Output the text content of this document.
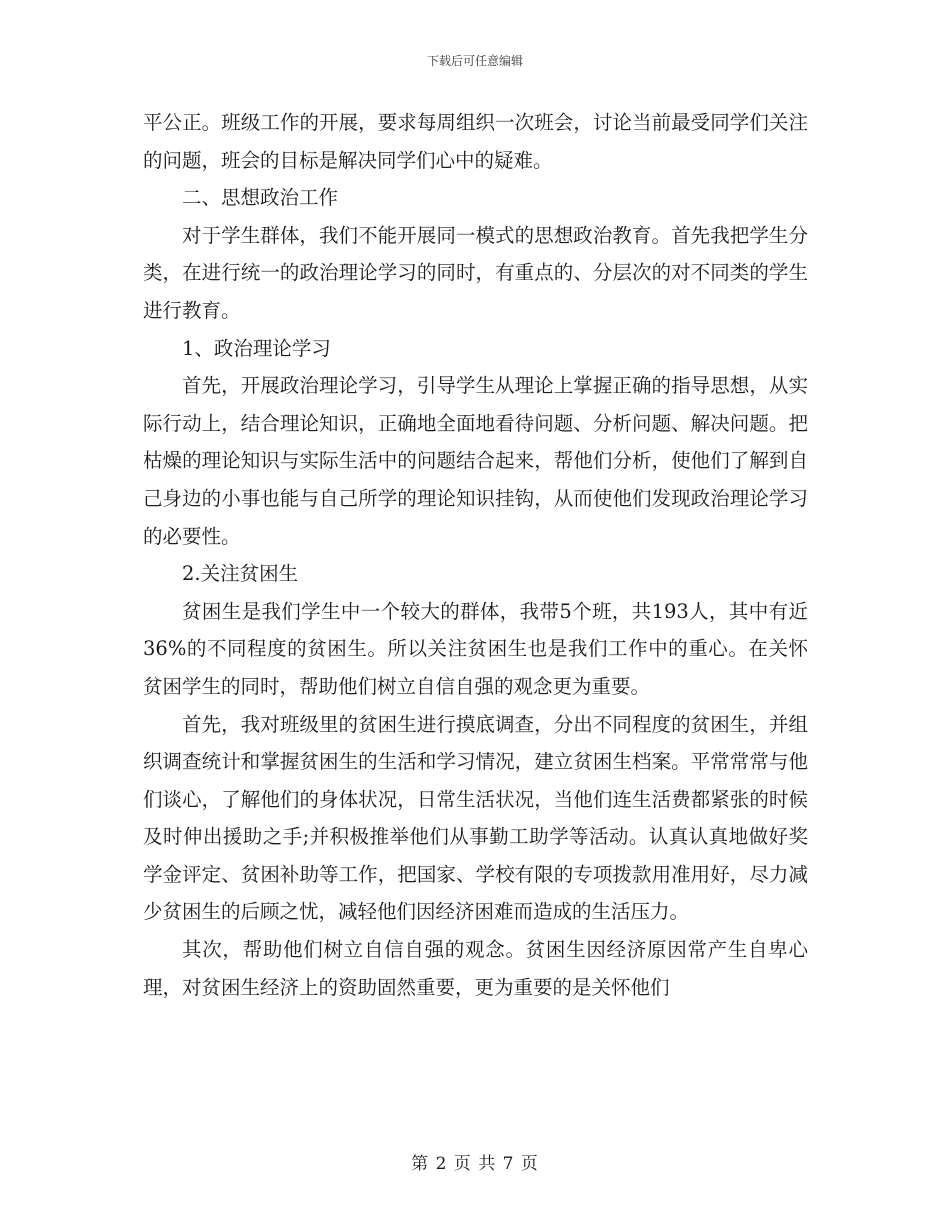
下载后可任意编辑

平公正。班级工作的开展，要求每周组织一次班会，讨论当前最受同学们关注的问题，班会的目标是解决同学们心中的疑难。

二、思想政治工作

对于学生群体，我们不能开展同一模式的思想政治教育。首先我把学生分类，在进行统一的政治理论学习的同时，有重点的、分层次的对不同类的学生进行教育。

1、政治理论学习

首先，开展政治理论学习，引导学生从理论上掌握正确的指导思想，从实际行动上，结合理论知识，正确地全面地看待问题、分析问题、解决问题。把枯燥的理论知识与实际生活中的问题结合起来，帮他们分析，使他们了解到自己身边的小事也能与自己所学的理论知识挂钩，从而使他们发现政治理论学习的必要性。

2.关注贫困生

贫困生是我们学生中一个较大的群体，我带5个班，共193人，其中有近36%的不同程度的贫困生。所以关注贫困生也是我们工作中的重心。在关怀贫困学生的同时，帮助他们树立自信自强的观念更为重要。

首先，我对班级里的贫困生进行摸底调查，分出不同程度的贫困生，并组织调查统计和掌握贫困生的生活和学习情况，建立贫困生档案。平常常常与他们谈心，了解他们的身体状况，日常生活状况，当他们连生活费都紧张的时候及时伸出援助之手;并积极推举他们从事勤工助学等活动。认真认真地做好奖学金评定、贫困补助等工作，把国家、学校有限的专项拨款用准用好，尽力减少贫困生的后顾之忧，减轻他们因经济困难而造成的生活压力。

其次，帮助他们树立自信自强的观念。贫困生因经济原因常产生自卑心理，对贫困生经济上的资助固然重要，更为重要的是关怀他们

第 2 页 共 7 页
